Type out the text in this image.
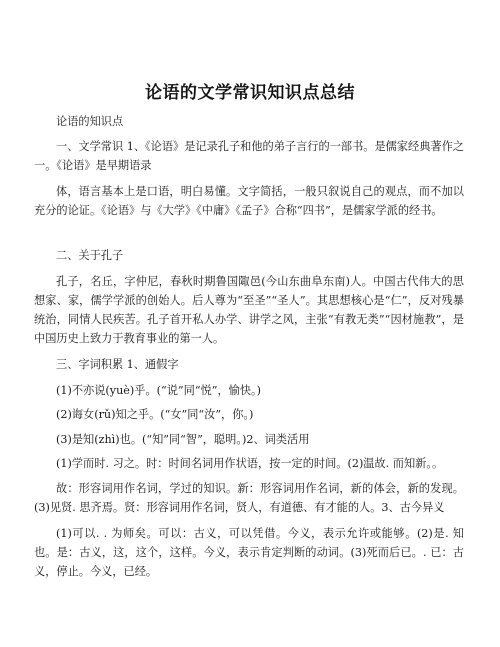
论语的文学常识知识点总结
论语的知识点
一、文学常识 1、《论语》是记录孔子和他的弟子言行的一部书。是儒家经典著作之一。《论语》是早期语录
体，语言基本上是口语，明白易懂。文字简括，一般只叙说自己的观点，而不加以充分的论证。《论语》与《大学》《中庸》《孟子》合称“四书”，是儒家学派的经书。
二、关于孔子
孔子，名丘，字仲尼，春秋时期鲁国陬邑(今山东曲阜东南)人。中国古代伟大的思想家、家，儒学学派的创始人。后人尊为“至圣”“圣人”。其思想核心是“仁”，反对残暴统治，同情人民疾苦。孔子首开私人办学、讲学之风，主张“有教无类”“因材施教”，是中国历史上致力于教育事业的第一人。
三、字词积累 1、通假字
(1)不亦说(yuè)乎。(“说”同“悦”，愉快。)
(2)诲女(rǔ)知之乎。(“女”同“汝”，你。)
(3)是知(zhì)也。(“知”同“智”，聪明。)2、词类活用
(1)学而时. 习之。时：时间名词用作状语，按一定的时间。(2)温故. 而知新。。
故：形容词用作名词，学过的知识。新：形容词用作名词，新的体会，新的发现。(3)见贤. 思齐焉。贤：形容词用作名词，贤人，有道德、有才能的人。3、古今异义
(1)可以. . 为师矣。可以：古义，可以凭借。今义，表示允许或能够。(2)是. 知也。是：古义，这，这个，这样。今义，表示肯定判断的动词。(3)死而后已。. 已：古义，停止。今义，已经。
